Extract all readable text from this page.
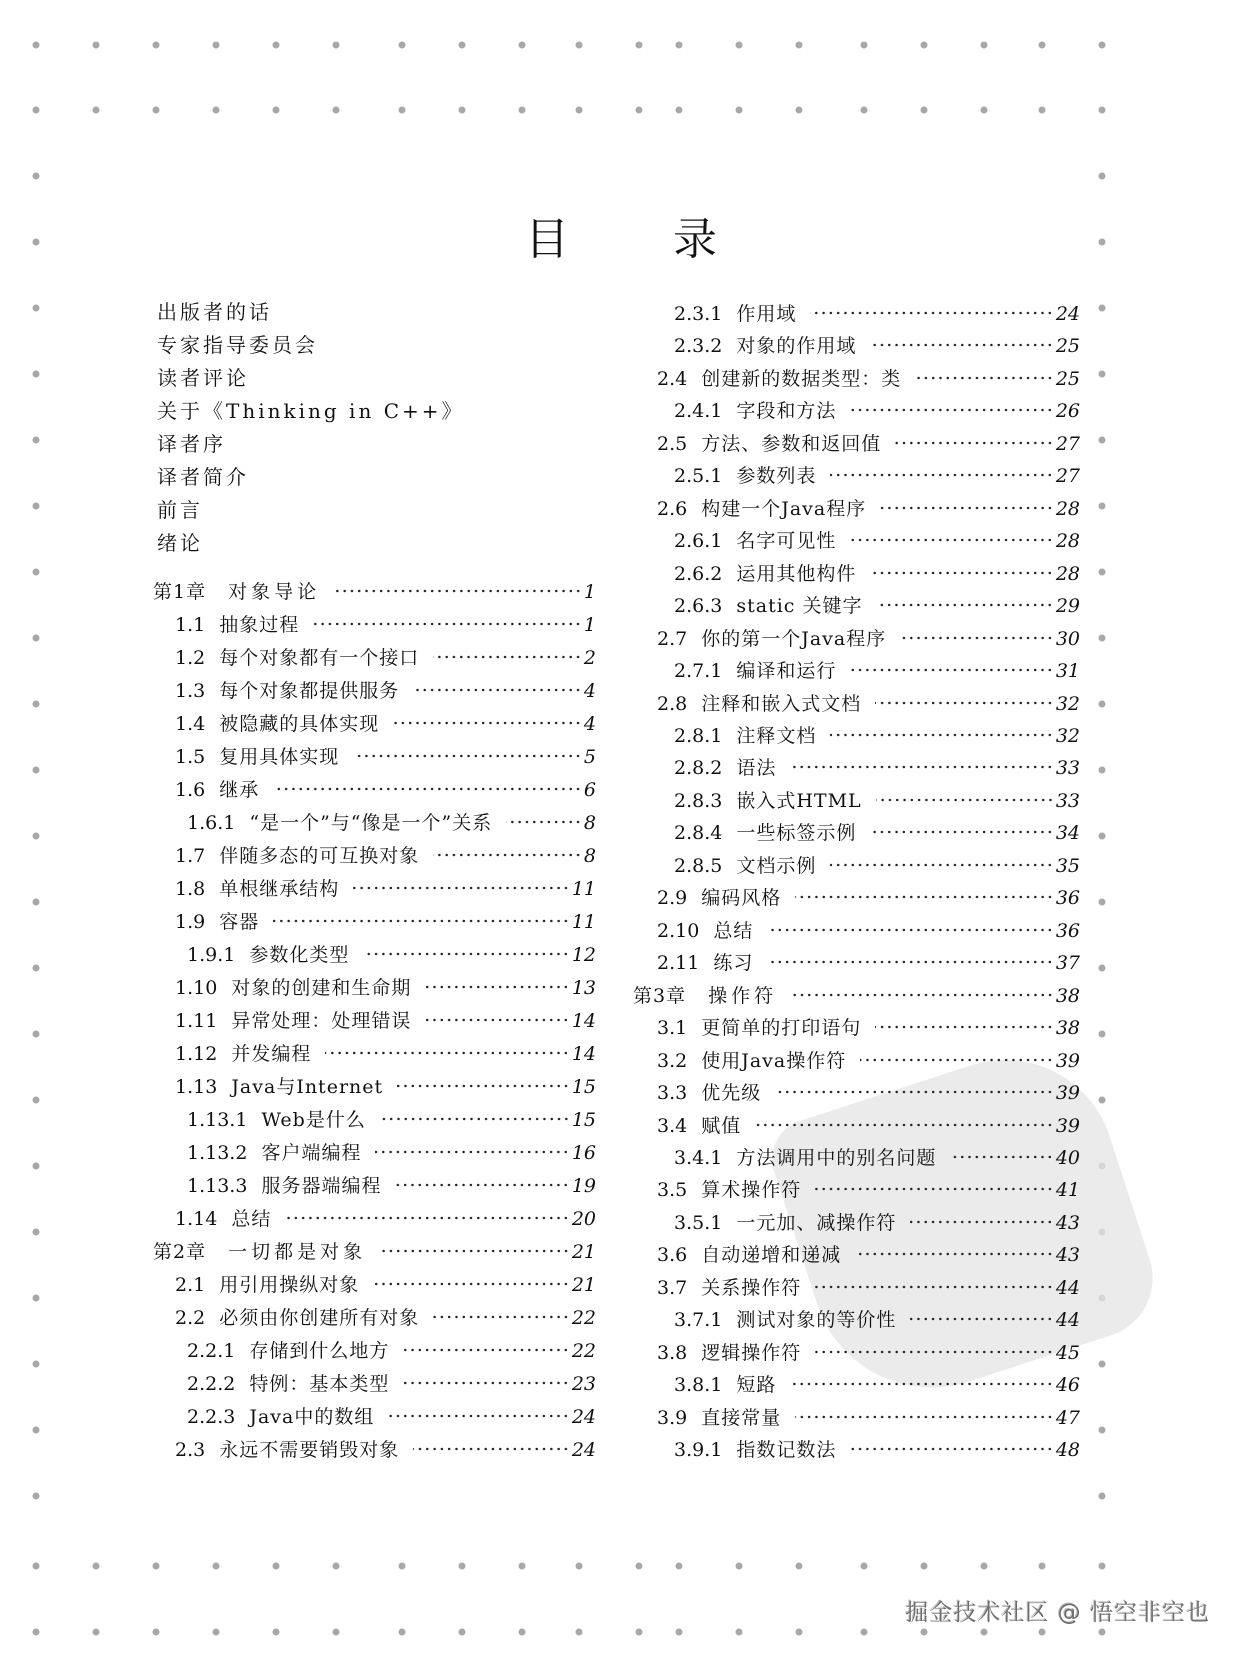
目 录
出版者的话
专家指导委员会
读者评论
关于《Thinking in C++》
译者序
译者简介
前言
绪论
第1章 对象导论	1
1.1 抽象过程	1
1.2 每个对象都有一个接口	2
1.3 每个对象都提供服务	4
1.4 被隐藏的具体实现	4
1.5 复用具体实现	5
1.6 继承	6
1.6.1 “是一个”与“像是一个”关系	8
1.7 伴随多态的可互换对象	8
1.8 单根继承结构	11
1.9 容器	11
1.9.1 参数化类型	12
1.10 对象的创建和生命期	13
1.11 异常处理：处理错误	14
1.12 并发编程	14
1.13 Java与Internet	15
1.13.1 Web是什么	15
1.13.2 客户端编程	16
1.13.3 服务器端编程	19
1.14 总结	20
第2章 一切都是对象	21
2.1 用引用操纵对象	21
2.2 必须由你创建所有对象	22
2.2.1 存储到什么地方	22
2.2.2 特例：基本类型	23
2.2.3 Java中的数组	24
2.3 永远不需要销毁对象	24
2.3.1 作用域	24
2.3.2 对象的作用域	25
2.4 创建新的数据类型：类	25
2.4.1 字段和方法	26
2.5 方法、参数和返回值	27
2.5.1 参数列表	27
2.6 构建一个Java程序	28
2.6.1 名字可见性	28
2.6.2 运用其他构件	28
2.6.3 static 关键字	29
2.7 你的第一个Java程序	30
2.7.1 编译和运行	31
2.8 注释和嵌入式文档	32
2.8.1 注释文档	32
2.8.2 语法	33
2.8.3 嵌入式HTML	33
2.8.4 一些标签示例	34
2.8.5 文档示例	35
2.9 编码风格	36
2.10 总结	36
2.11 练习	37
第3章 操作符	38
3.1 更简单的打印语句	38
3.2 使用Java操作符	39
3.3 优先级	39
3.4 赋值	39
3.4.1 方法调用中的别名问题	40
3.5 算术操作符	41
3.5.1 一元加、减操作符	43
3.6 自动递增和递减	43
3.7 关系操作符	44
3.7.1 测试对象的等价性	44
3.8 逻辑操作符	45
3.8.1 短路	46
3.9 直接常量	47
3.9.1 指数记数法	48
掘金技术社区 @ 悟空非空也
